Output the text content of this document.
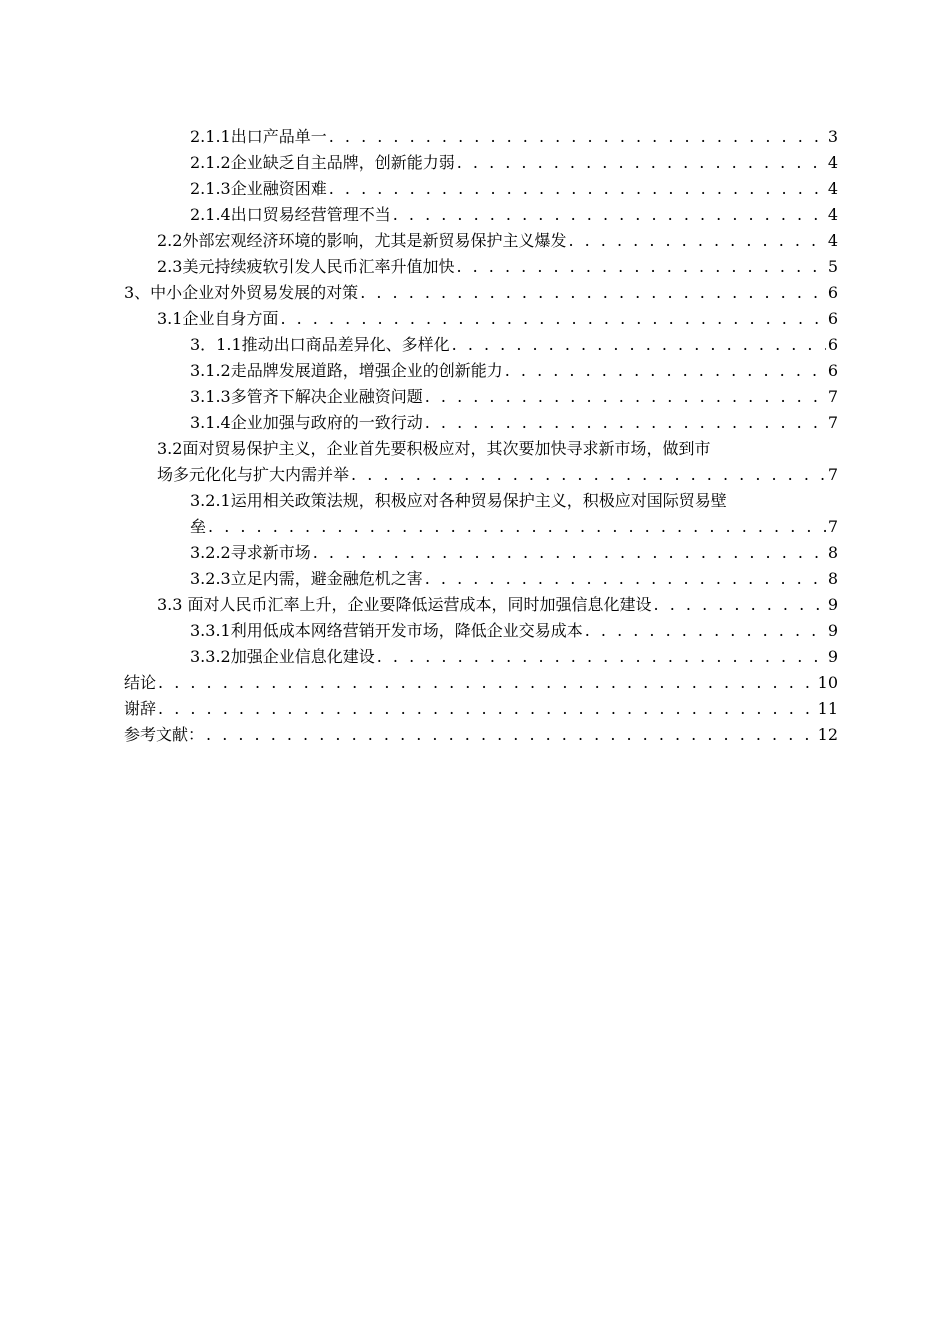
2.1.1出口产品单一 . . .	3
2.1.2企业缺乏自主品牌，创新能力弱 . . .	4
2.1.3企业融资困难 . . .	4
2.1.4出口贸易经营管理不当 . . .	4
2.2外部宏观经济环境的影响，尤其是新贸易保护主义爆发 . . .	4
2.3美元持续疲软引发人民币汇率升值加快 . . .	5
3、中小企业对外贸易发展的对策 . . .	6
3.1企业自身方面 . . .	6
3．1.1推动出口商品差异化、多样化 . . .	6
3.1.2走品牌发展道路，增强企业的创新能力 . . .	6
3.1.3多管齐下解决企业融资问题 . . .	7
3.1.4企业加强与政府的一致行动 . . .	7
3.2面对贸易保护主义，企业首先要积极应对，其次要加快寻求新市场，做到市
场多元化化与扩大内需并举 . . .	7
3.2.1运用相关政策法规，积极应对各种贸易保护主义，积极应对国际贸易壁
垒 . . .	7
3.2.2寻求新市场 . . .	8
3.2.3立足内需，避金融危机之害 . . .	8
3.3 面对人民币汇率上升，企业要降低运营成本，同时加强信息化建设 . . .	9
3.3.1利用低成本网络营销开发市场，降低企业交易成本 . . .	9
3.3.2加强企业信息化建设 . . .	9
结论 . . .	10
谢辞 . . .	11
参考文献： . . .	12
